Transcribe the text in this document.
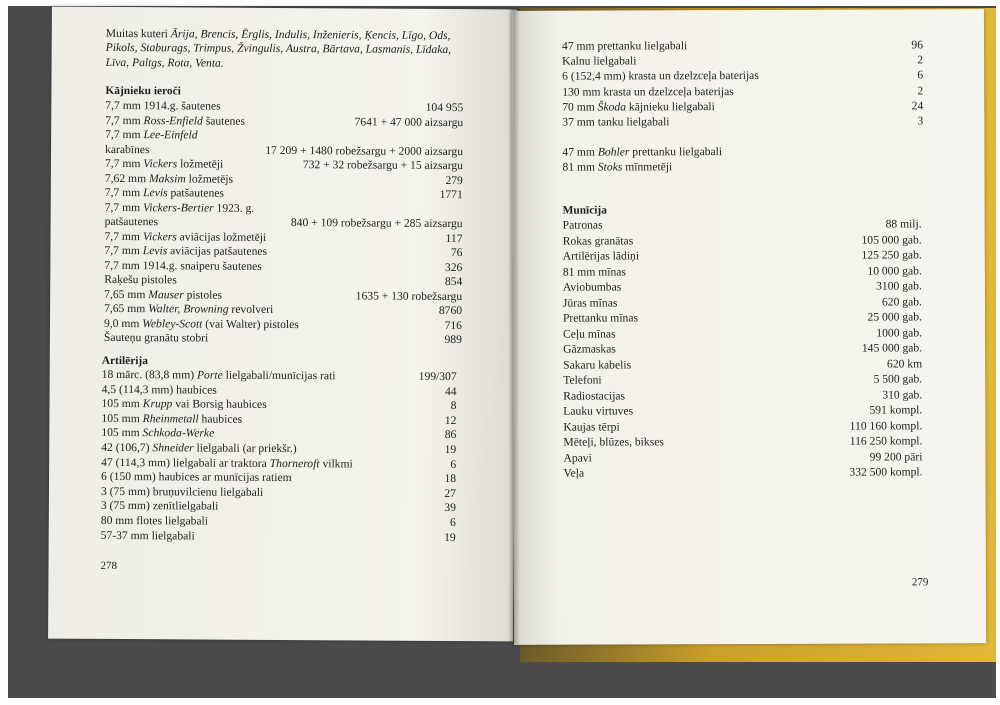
Muitas kuteri Ārija, Brencis, Ērglis, Indulis, Inženieris, Ķencis, Līgo, Ods, Pikols, Staburags, Trimpus, Žvingulis, Austra, Bārtava, Lasmanis, Līdaka, Līva, Paltgs, Rota, Venta.
Kājnieku ieroči
7,7 mm 1914.g. šautenes	104 955
7,7 mm Ross-Enfield šautenes	7641 + 47 000 aizsargu
7,7 mm Lee-Einfeld
karabīnes	17 209 + 1480 robežsargu + 2000 aizsargu
7,7 mm Vickers ložmetēji	732 + 32 robežsargu + 15 aizsargu
7,62 mm Maksim ložmetējs	279
7,7 mm Levis patšautenes	1771
7,7 mm Vickers-Bertier 1923. g.
patšautenes	840 + 109 robežsargu + 285 aizsargu
7,7 mm Vickers aviācijas ložmetēji	117
7,7 mm Levis aviācijas patšautenes	76
7,7 mm 1914.g. snaiperu šautenes	326
Raķešu pistoles	854
7,65 mm Mauser pistoles	1635 + 130 robežsargu
7,65 mm Walter, Browning revolveri	8760
9,0 mm Webley-Scott (vai Walter) pistoles	716
Šauteņu granātu stobri	989
Artilērija
18 mārc. (83,8 mm) Porte lielgabali/munīcijas rati	199/307
4,5 (114,3 mm) haubices	44
105 mm Krupp vai Borsig haubices	8
105 mm Rheinmetall haubices	12
105 mm Schkoda-Werke	86
42 (106,7) Shneider lielgabali (ar priekšr.)	19
47 (114,3 mm) lielgabali ar traktora Thorneroft vilkmi	6
6 (150 mm) haubices ar munīcijas ratiem	18
3 (75 mm) bruņuvilcienu lielgabali	27
3 (75 mm) zenītlielgabali	39
80 mm flotes lielgabali	6
57-37 mm lielgabali	19
278
47 mm prettanku lielgabali	96
Kalnu lielgabali	2
6 (152,4 mm) krasta un dzelzceļa baterijas	6
130 mm krasta un dzelzceļa baterijas	2
70 mm Škoda kājnieku lielgabali	24
37 mm tanku lielgabali	3
47 mm Bohler prettanku lielgabali
81 mm Stoks mīnmetēji
Munīcija
Patronas	88 milj.
Rokas granātas	105 000 gab.
Artilērijas lādiņi	125 250 gab.
81 mm mīnas	10 000 gab.
Aviobumbas	3100 gab.
Jūras mīnas	620 gab.
Prettanku mīnas	25 000 gab.
Ceļu mīnas	1000 gab.
Gāzmaskas	145 000 gab.
Sakaru kabelis	620 km
Telefoni	5 500 gab.
Radiostacijas	310 gab.
Lauku virtuves	591 kompl.
Kaujas tērpi	110 160 kompl.
Mēteļi, blūzes, bikses	116 250 kompl.
Apavi	99 200 pāri
Veļa	332 500 kompl.
279
